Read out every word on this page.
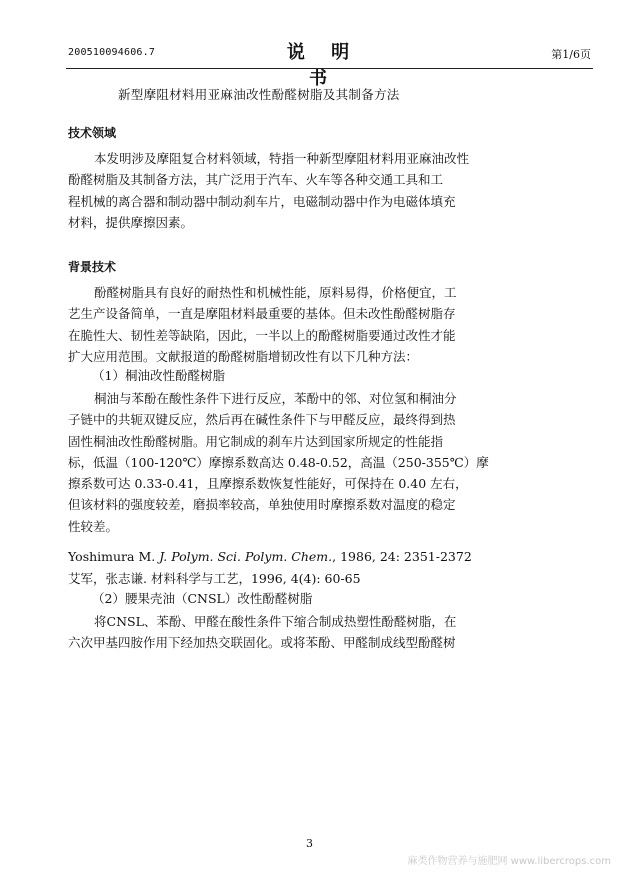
200510094606.7	说 明 书
第1/6页
新型摩阻材料用亚麻油改性酚醛树脂及其制备方法
技术领域
本发明涉及摩阻复合材料领域，特指一种新型摩阻材料用亚麻油改性
酚醛树脂及其制备方法，其广泛用于汽车、火车等各种交通工具和工
程机械的离合器和制动器中制动刹车片，电磁制动器中作为电磁体填充
材料，提供摩擦因素。
背景技术
酚醛树脂具有良好的耐热性和机械性能，原料易得，价格便宜，工
艺生产设备简单，一直是摩阻材料最重要的基体。但未改性酚醛树脂存
在脆性大、韧性差等缺陷，因此，一半以上的酚醛树脂要通过改性才能
扩大应用范围。文献报道的酚醛树脂增韧改性有以下几种方法：
（1）桐油改性酚醛树脂
桐油与苯酚在酸性条件下进行反应，苯酚中的邻、对位氢和桐油分
子链中的共轭双键反应，然后再在碱性条件下与甲醛反应，最终得到热
固性桐油改性酚醛树脂。用它制成的刹车片达到国家所规定的性能指
标，低温（100-120℃）摩擦系数高达 0.48-0.52，高温（250-355℃）摩
擦系数可达 0.33-0.41，且摩擦系数恢复性能好，可保持在 0.40 左右，
但该材料的强度较差，磨损率较高，单独使用时摩擦系数对温度的稳定
性较差。
Yoshimura M. J. Polym. Sci. Polym. Chem., 1986, 24: 2351-2372
艾军，张志谦. 材料科学与工艺，1996, 4(4): 60-65
（2）腰果壳油（CNSL）改性酚醛树脂
将CNSL、苯酚、甲醛在酸性条件下缩合制成热塑性酚醛树脂，在
六次甲基四胺作用下经加热交联固化。或将苯酚、甲醛制成线型酚醛树
3
麻类作物营养与施肥网 www.libercrops.com
